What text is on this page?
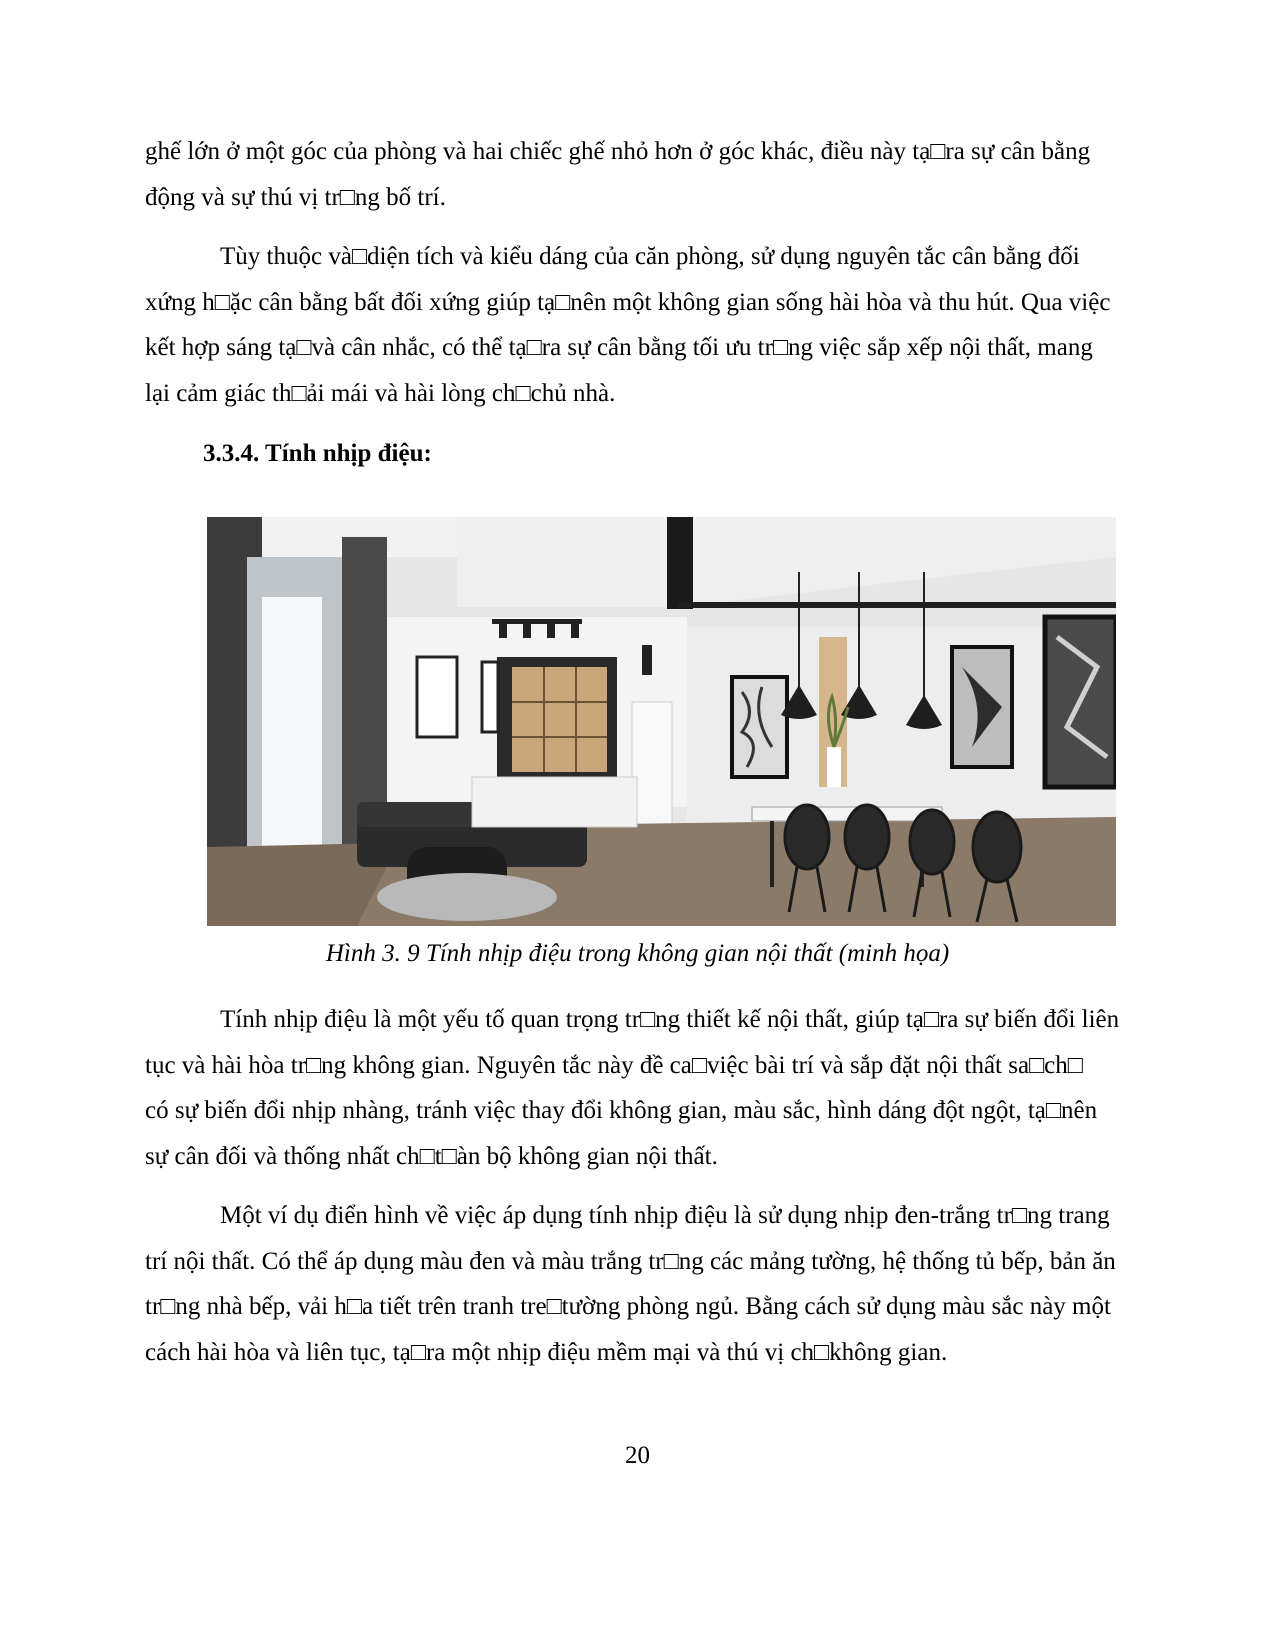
ghế lớn ở một góc của phòng và hai chiếc ghế nhỏ hơn ở góc khác, điều này tạ□ra sự cân bằng
động và sự thú vị tr□ng bố trí.
Tùy thuộc và□diện tích và kiểu dáng của căn phòng, sử dụng nguyên tắc cân bằng đối
xứng h□ặc cân bằng bất đối xứng giúp tạ□nên một không gian sống hài hòa và thu hút. Qua việc
kết hợp sáng tạ□và cân nhắc, có thể tạ□ra sự cân bằng tối ưu tr□ng việc sắp xếp nội thất, mang
lại cảm giác th□ải mái và hài lòng ch□chủ nhà.
3.3.4. Tính nhịp điệu:

Hình 3. 9 Tính nhịp điệu trong không gian nội thất (minh họa)

Tính nhịp điệu là một yếu tố quan trọng tr□ng thiết kế nội thất, giúp tạ□ra sự biến đổi liên
tục và hài hòa tr□ng không gian. Nguyên tắc này đề ca□việc bài trí và sắp đặt nội thất sa□ch□
có sự biến đổi nhịp nhàng, tránh việc thay đổi không gian, màu sắc, hình dáng đột ngột, tạ□nên
sự cân đối và thống nhất ch□t□àn bộ không gian nội thất.
Một ví dụ điển hình về việc áp dụng tính nhịp điệu là sử dụng nhịp đen-trắng tr□ng trang
trí nội thất. Có thể áp dụng màu đen và màu trắng tr□ng các mảng tường, hệ thống tủ bếp, bản ăn
tr□ng nhà bếp, vải h□a tiết trên tranh tre□tường phòng ngủ. Bằng cách sử dụng màu sắc này một
cách hài hòa và liên tục, tạ□ra một nhịp điệu mềm mại và thú vị ch□không gian.

20
